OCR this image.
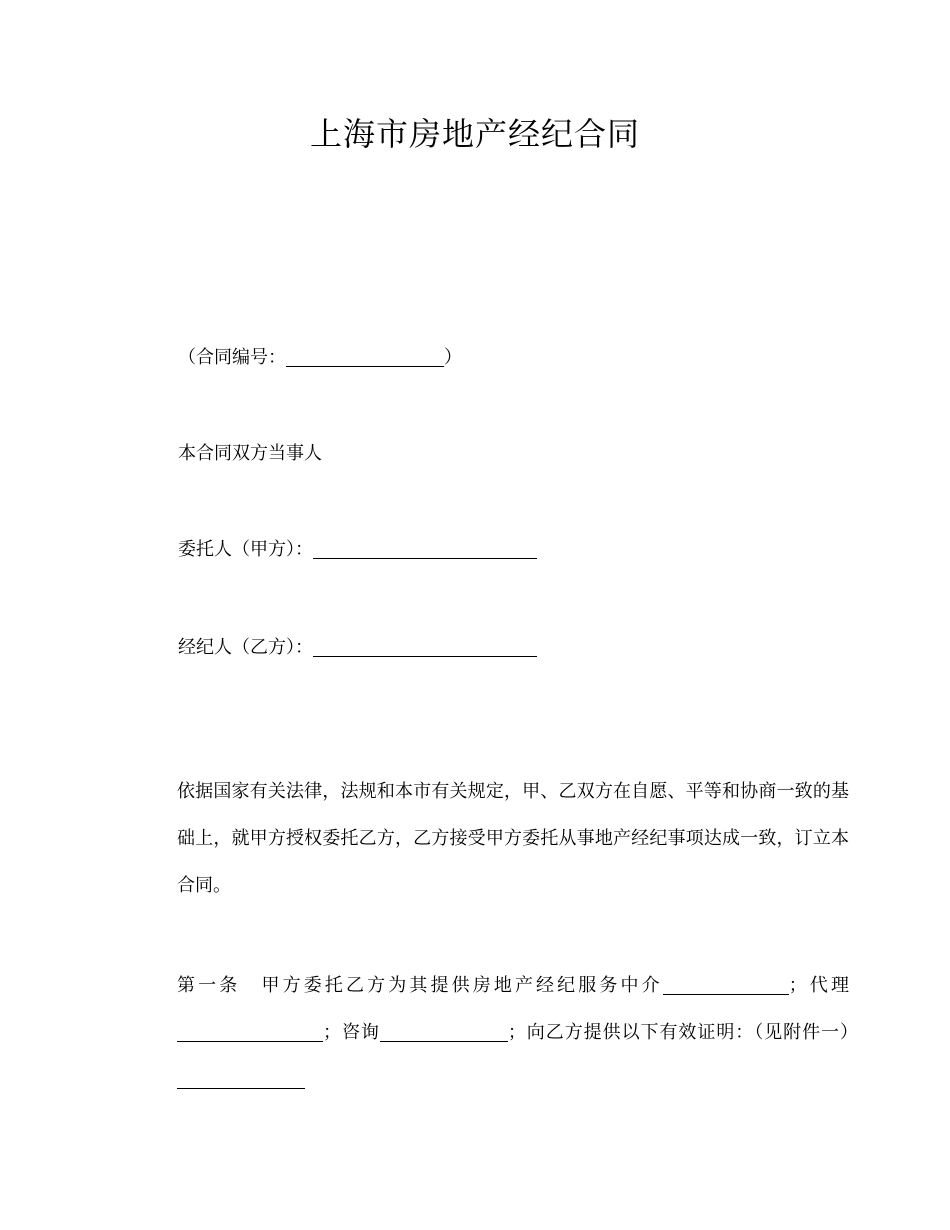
上海市房地产经纪合同
（合同编号：	）
本合同双方当事人
委托人（甲方）：
经纪人（乙方）：
依据国家有关法律，法规和本市有关规定，甲、乙双方在自愿、平等和协商一致的基础上，就甲方授权委托乙方，乙方接受甲方委托从事地产经纪事项达成一致，订立本合同。
第一条　 甲方委托乙方为其提供房地产经纪服务中介	；代理；咨询	；向乙方提供以下有效证明：（见附件一）　
